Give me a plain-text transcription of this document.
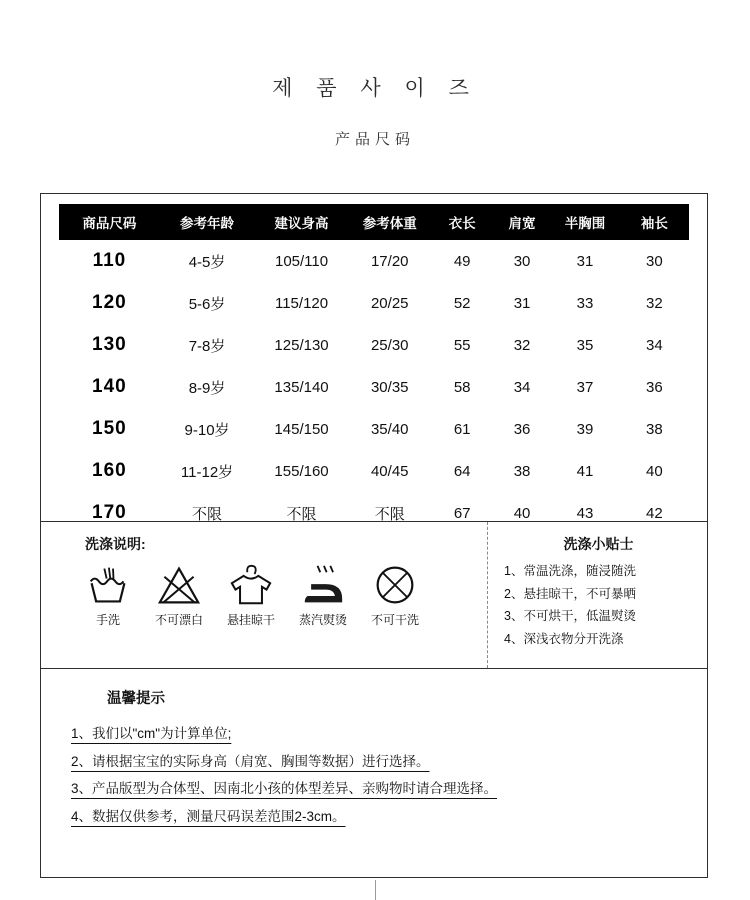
제 품 사 이 즈
产品尺码
商品尺码	参考年龄	建议身高	参考体重	衣长	肩宽	半胸围	袖长
110	4-5岁	105/110	17/20	49	30	31	30
120	5-6岁	115/120	20/25	52	31	33	32
130	7-8岁	125/130	25/30	55	32	35	34
140	8-9岁	135/140	30/35	58	34	37	36
150	9-10岁	145/150	35/40	61	36	39	38
160	11-12岁	155/160	40/45	64	38	41	40
170	不限	不限	不限	67	40	43	42
洗涤说明:
手洗	不可漂白 悬挂晾干 蒸汽熨烫 不可干洗
洗涤小贴士
1、常温洗涤，随浸随洗
2、悬挂晾干，不可暴晒
3、不可烘干，低温熨烫
4、深浅衣物分开洗涤
温馨提示
1、我们以"cm"为计算单位;
2、请根据宝宝的实际身高（肩宽、胸围等数据）进行选择。
3、产品版型为合体型、因南北小孩的体型差异、亲购物时请合理选择。
4、数据仅供参考，测量尺码误差范围2-3cm。
